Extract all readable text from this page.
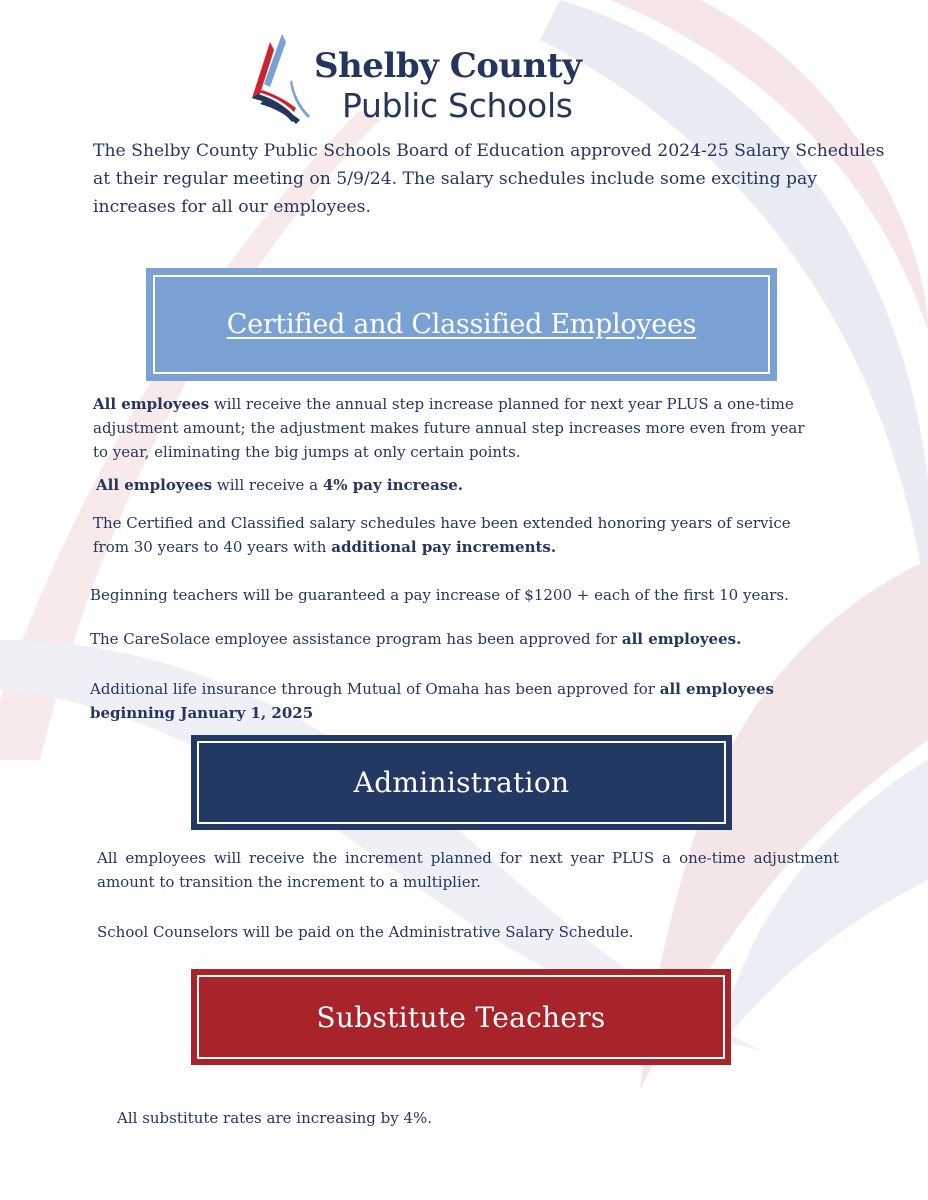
Shelby County
Public Schools

The Shelby County Public Schools Board of Education approved 2024-25 Salary Schedules at their regular meeting on 5/9/24. The salary schedules include some exciting pay increases for all our employees.

Certified and Classified Employees

All employees will receive the annual step increase planned for next year PLUS a one-time adjustment amount; the adjustment makes future annual step increases more even from year to year, eliminating the big jumps at only certain points.

All employees will receive a 4% pay increase.

The Certified and Classified salary schedules have been extended honoring years of service from 30 years to 40 years with additional pay increments.

Beginning teachers will be guaranteed a pay increase of $1200 + each of the first 10 years.

The CareSolace employee assistance program has been approved for all employees.

Additional life insurance through Mutual of Omaha has been approved for all employees beginning January 1, 2025

Administration

All employees will receive the increment planned for next year PLUS a one-time adjustment amount to transition the increment to a multiplier.

School Counselors will be paid on the Administrative Salary Schedule.

Substitute Teachers

All substitute rates are increasing by 4%.
